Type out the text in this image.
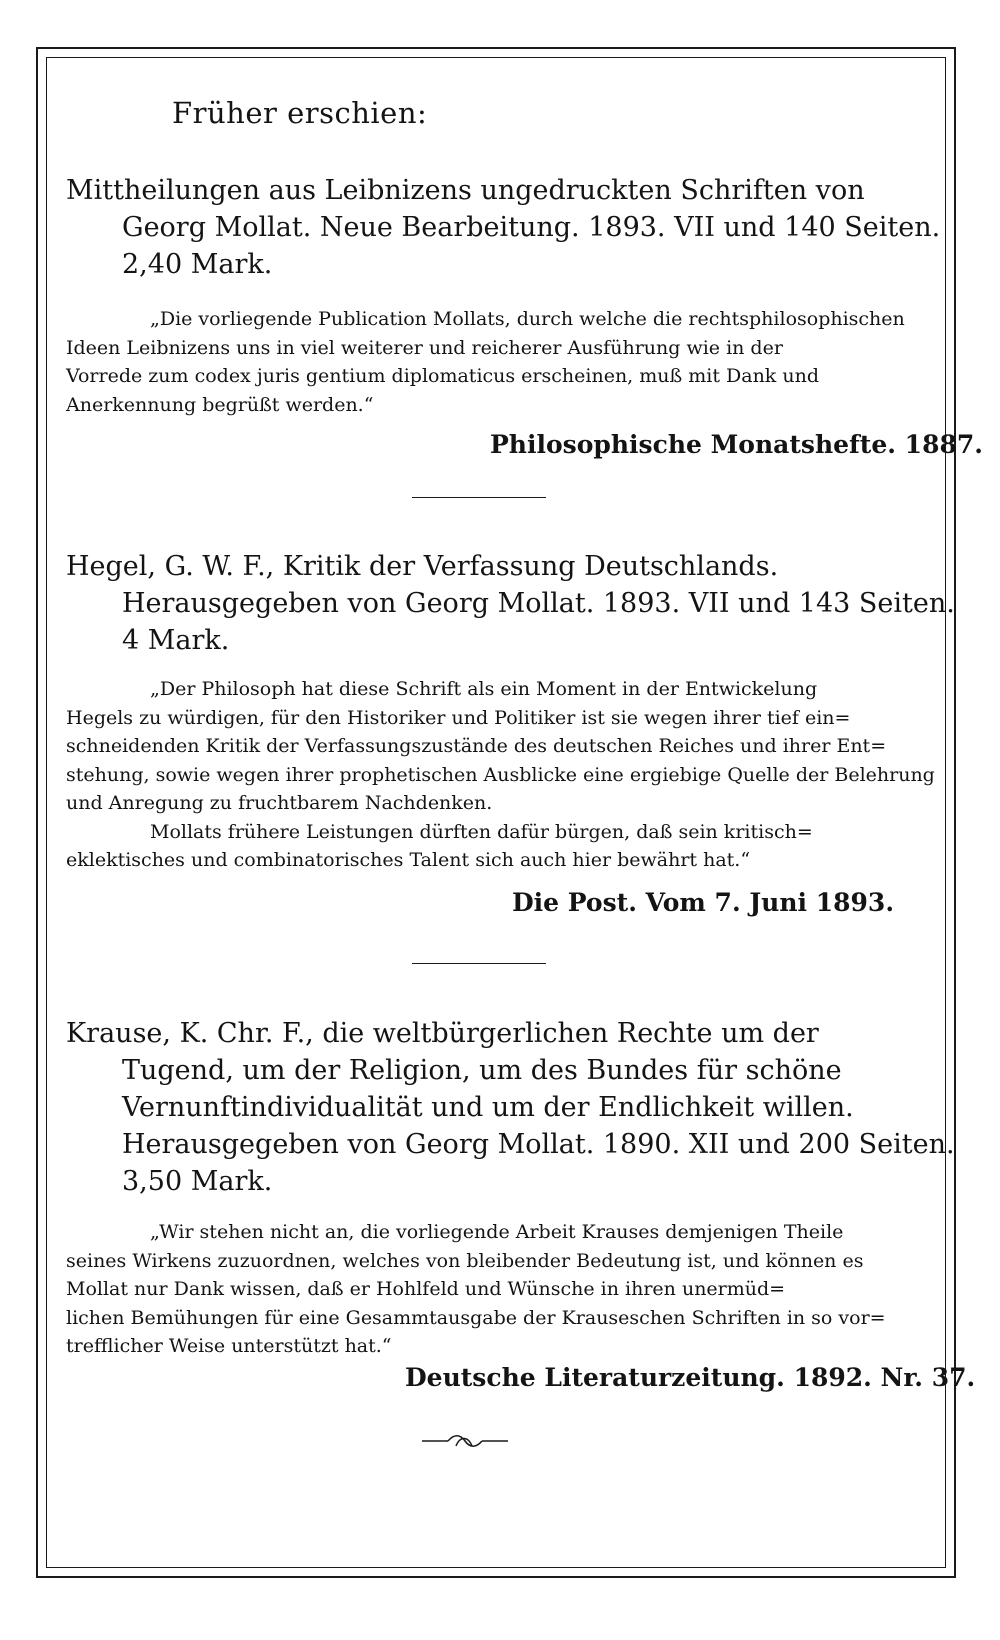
Früher erschien:
Mittheilungen aus Leibnizens ungedruckten Schriften von
Georg Mollat. Neue Bearbeitung. 1893. VII und 140 Seiten.
2,40 Mark.
„Die vorliegende Publication Mollats, durch welche die rechtsphilosophischen
Ideen Leibnizens uns in viel weiterer und reicherer Ausführung wie in der
Vorrede zum codex juris gentium diplomaticus erscheinen, muß mit Dank und
Anerkennung begrüßt werden.“
Philosophische Monatshefte. 1887.
Hegel, G. W. F., Kritik der Verfassung Deutschlands.
Herausgegeben von Georg Mollat. 1893. VII und 143 Seiten.
4 Mark.
„Der Philosoph hat diese Schrift als ein Moment in der Entwickelung
Hegels zu würdigen, für den Historiker und Politiker ist sie wegen ihrer tief ein=
schneidenden Kritik der Verfassungszustände des deutschen Reiches und ihrer Ent=
stehung, sowie wegen ihrer prophetischen Ausblicke eine ergiebige Quelle der Belehrung
und Anregung zu fruchtbarem Nachdenken.
Mollats frühere Leistungen dürften dafür bürgen, daß sein kritisch=
eklektisches und combinatorisches Talent sich auch hier bewährt hat.“
Die Post. Vom 7. Juni 1893.
Krause, K. Chr. F., die weltbürgerlichen Rechte um der
Tugend, um der Religion, um des Bundes für schöne
Vernunftindividualität und um der Endlichkeit willen.
Herausgegeben von Georg Mollat. 1890. XII und 200 Seiten.
3,50 Mark.
„Wir stehen nicht an, die vorliegende Arbeit Krauses demjenigen Theile
seines Wirkens zuzuordnen, welches von bleibender Bedeutung ist, und können es
Mollat nur Dank wissen, daß er Hohlfeld und Wünsche in ihren unermüd=
lichen Bemühungen für eine Gesammtausgabe der Krauseschen Schriften in so vor=
trefflicher Weise unterstützt hat.“
Deutsche Literaturzeitung. 1892. Nr. 37.
